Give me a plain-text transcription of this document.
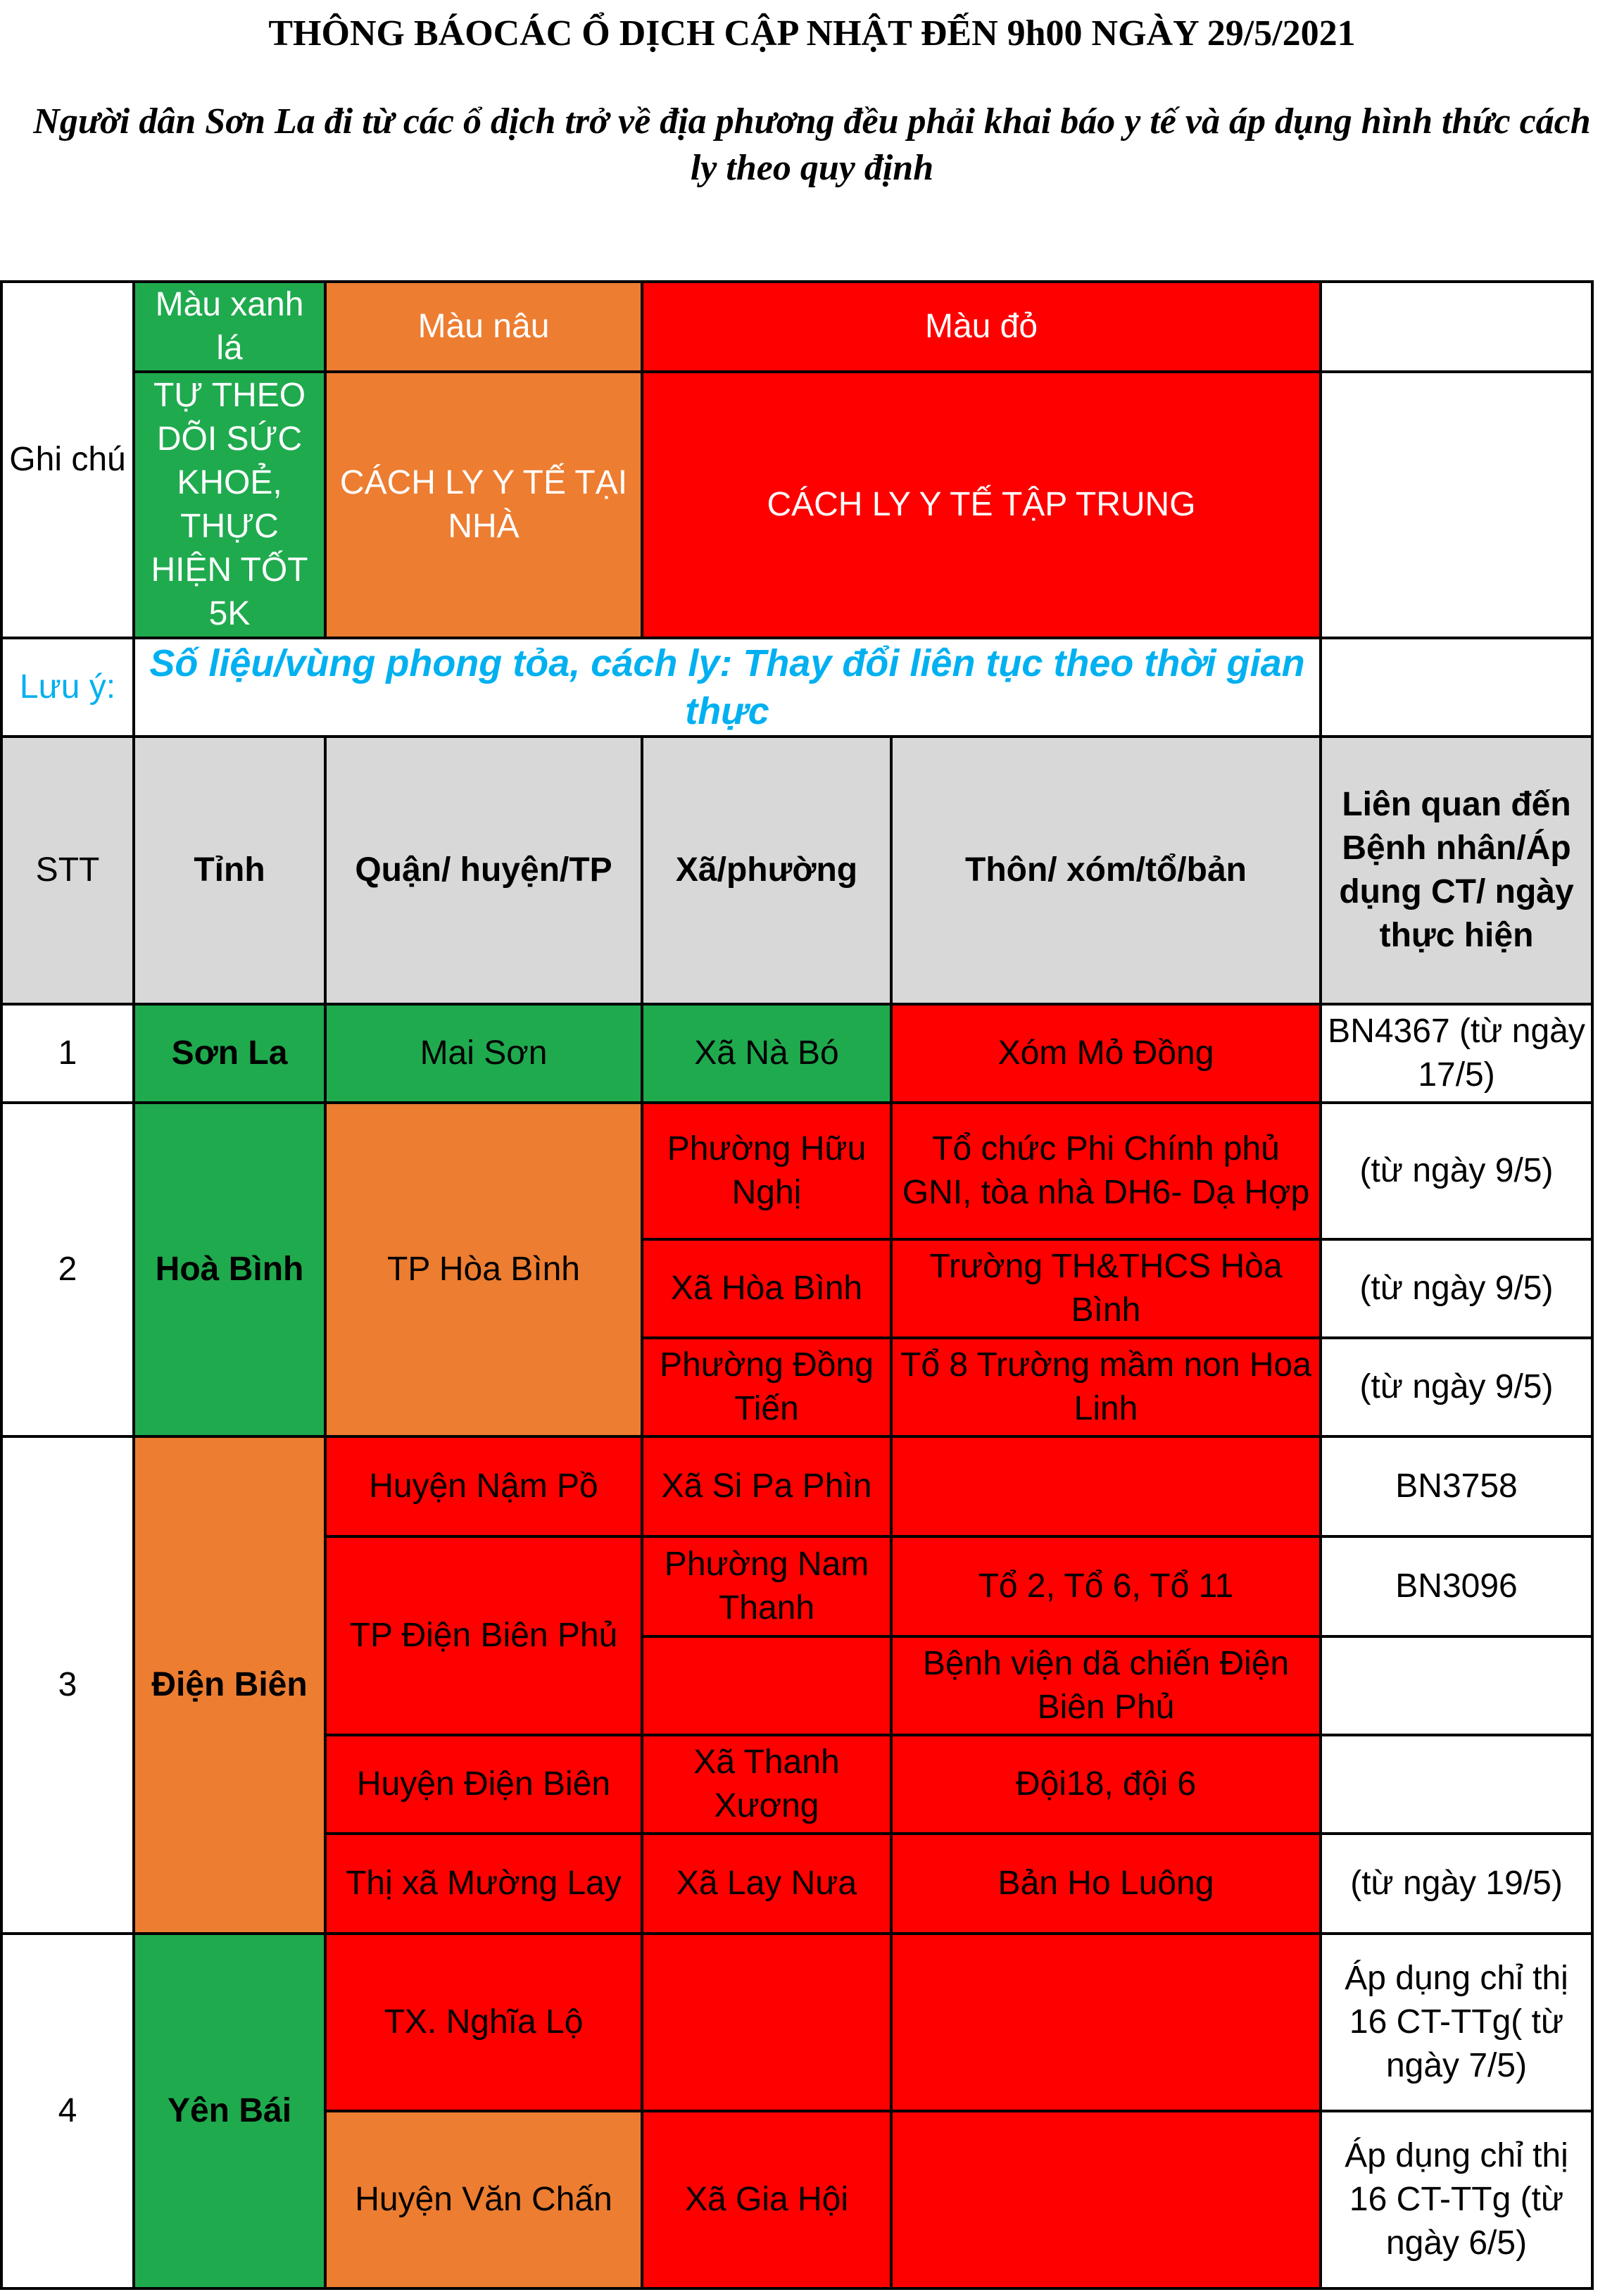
THÔNG BÁOCÁC Ổ DỊCH CẬP NHẬT ĐẾN 9h00 NGÀY 29/5/2021
Người dân Sơn La đi từ các ổ dịch trở về địa phương đều phải khai báo y tế và áp dụng hình thức cách ly theo quy định
Ghi chú	Màu xanh lá	Màu nâu	Màu đỏ		
	TỰ THEO DÕI SỨC KHOẺ, THỰC HIỆN TỐT 5K	CÁCH LY Y TẾ TẠI NHÀ	CÁCH LY Y TẾ TẬP TRUNG		
Lưu ý:	Số liệu/vùng phong tỏa, cách ly: Thay đổi liên tục theo thời gian thực				
STT	Tỉnh	Quận/ huyện/TP	Xã/phường	Thôn/ xóm/tổ/bản	Liên quan đến Bệnh nhân/Áp dụng CT/ ngày thực hiện
1	Sơn La	Mai Sơn	Xã Nà Bó	Xóm Mỏ Đồng	BN4367 (từ ngày 17/5)
2	Hoà Bình	TP Hòa Bình	Phường Hữu Nghị	Tổ chức Phi Chính phủ GNI, tòa nhà DH6- Dạ Hợp	(từ ngày 9/5)
			Xã Hòa Bình	Trường TH&THCS Hòa Bình	(từ ngày 9/5)
			Phường Đồng Tiến	Tổ 8 Trường mầm non Hoa Linh	(từ ngày 9/5)
3	Điện Biên	Huyện Nậm Pồ	Xã Si Pa Phìn		BN3758
		TP Điện Biên Phủ	Phường Nam Thanh	Tổ 2, Tổ 6, Tổ 11	BN3096
				Bệnh viện dã chiến Điện Biên Phủ	
		Huyện Điện Biên	Xã Thanh Xương	Đội18, đội 6	
		Thị xã Mường Lay	Xã Lay Nưa	Bản Ho Luông	(từ ngày 19/5)
4	Yên Bái	TX. Nghĩa Lộ			Áp dụng chỉ thị 16 CT-TTg( từ ngày 7/5)
		Huyện Văn Chấn	Xã Gia Hội		Áp dụng chỉ thị 16 CT-TTg (từ ngày 6/5)
